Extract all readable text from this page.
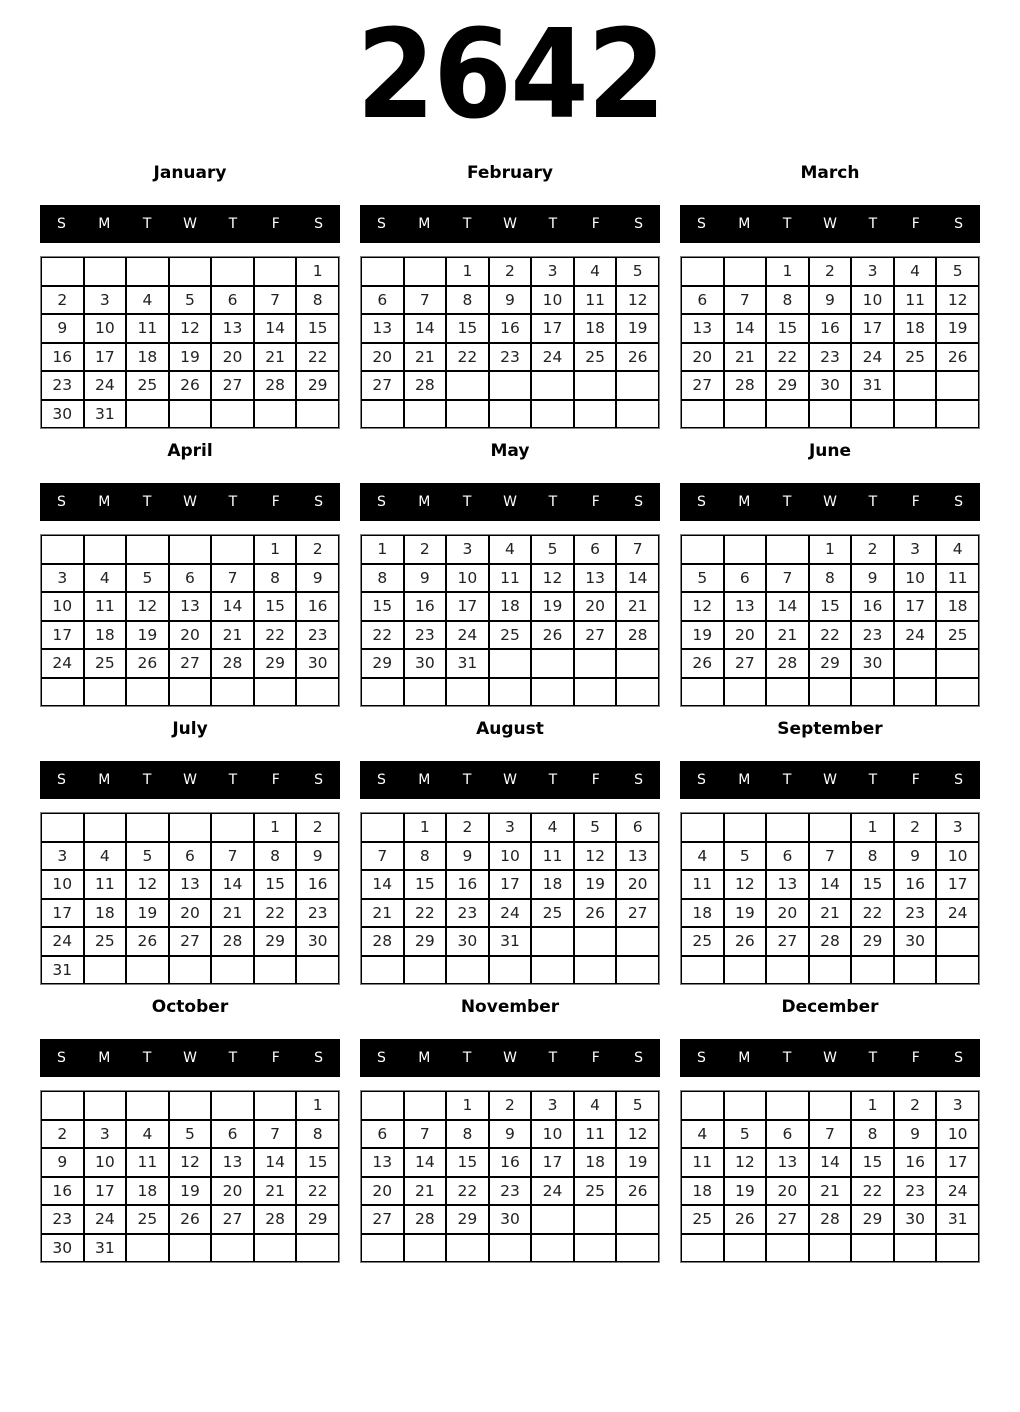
2642
January
S	M	T	W	T	F	S
						1
2	3	4	5	6	7	8
9	10	11	12	13	14	15
16	17	18	19	20	21	22
23	24	25	26	27	28	29
30	31					
February
S	M	T	W	T	F	S
		1	2	3	4	5
6	7	8	9	10	11	12
13	14	15	16	17	18	19
20	21	22	23	24	25	26
27	28					

March
S	M	T	W	T	F	S
		1	2	3	4	5
6	7	8	9	10	11	12
13	14	15	16	17	18	19
20	21	22	23	24	25	26
27	28	29	30	31		

April
S	M	T	W	T	F	S
					1	2
3	4	5	6	7	8	9
10	11	12	13	14	15	16
17	18	19	20	21	22	23
24	25	26	27	28	29	30

May
S	M	T	W	T	F	S
1	2	3	4	5	6	7
8	9	10	11	12	13	14
15	16	17	18	19	20	21
22	23	24	25	26	27	28
29	30	31				

June
S	M	T	W	T	F	S
			1	2	3	4
5	6	7	8	9	10	11
12	13	14	15	16	17	18
19	20	21	22	23	24	25
26	27	28	29	30		

July
S	M	T	W	T	F	S
					1	2
3	4	5	6	7	8	9
10	11	12	13	14	15	16
17	18	19	20	21	22	23
24	25	26	27	28	29	30
31						
August
S	M	T	W	T	F	S
	1	2	3	4	5	6
7	8	9	10	11	12	13
14	15	16	17	18	19	20
21	22	23	24	25	26	27
28	29	30	31			

September
S	M	T	W	T	F	S
				1	2	3
4	5	6	7	8	9	10
11	12	13	14	15	16	17
18	19	20	21	22	23	24
25	26	27	28	29	30	

October
S	M	T	W	T	F	S
						1
2	3	4	5	6	7	8
9	10	11	12	13	14	15
16	17	18	19	20	21	22
23	24	25	26	27	28	29
30	31					
November
S	M	T	W	T	F	S
		1	2	3	4	5
6	7	8	9	10	11	12
13	14	15	16	17	18	19
20	21	22	23	24	25	26
27	28	29	30			

December
S	M	T	W	T	F	S
				1	2	3
4	5	6	7	8	9	10
11	12	13	14	15	16	17
18	19	20	21	22	23	24
25	26	27	28	29	30	31
